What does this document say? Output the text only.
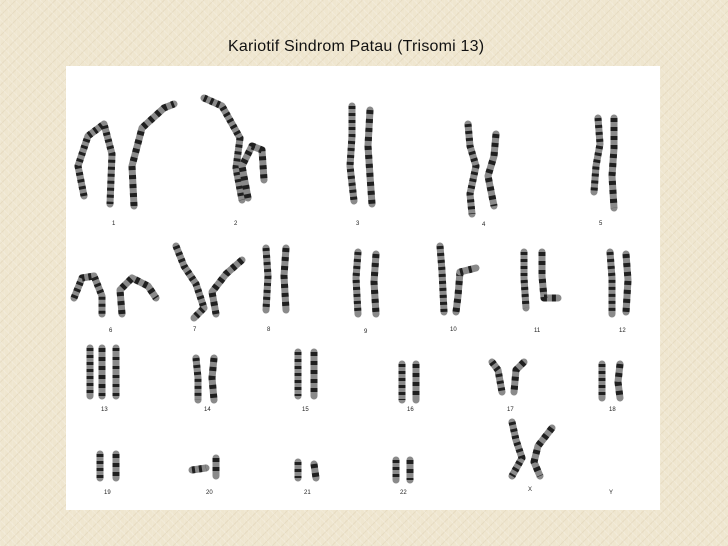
Kariotif Sindrom Patau (Trisomi 13)
1	2	3	4	5
6	7	8	9	10	11	12
13	14	15	16	17	18
19	20	21	22	X	Y
